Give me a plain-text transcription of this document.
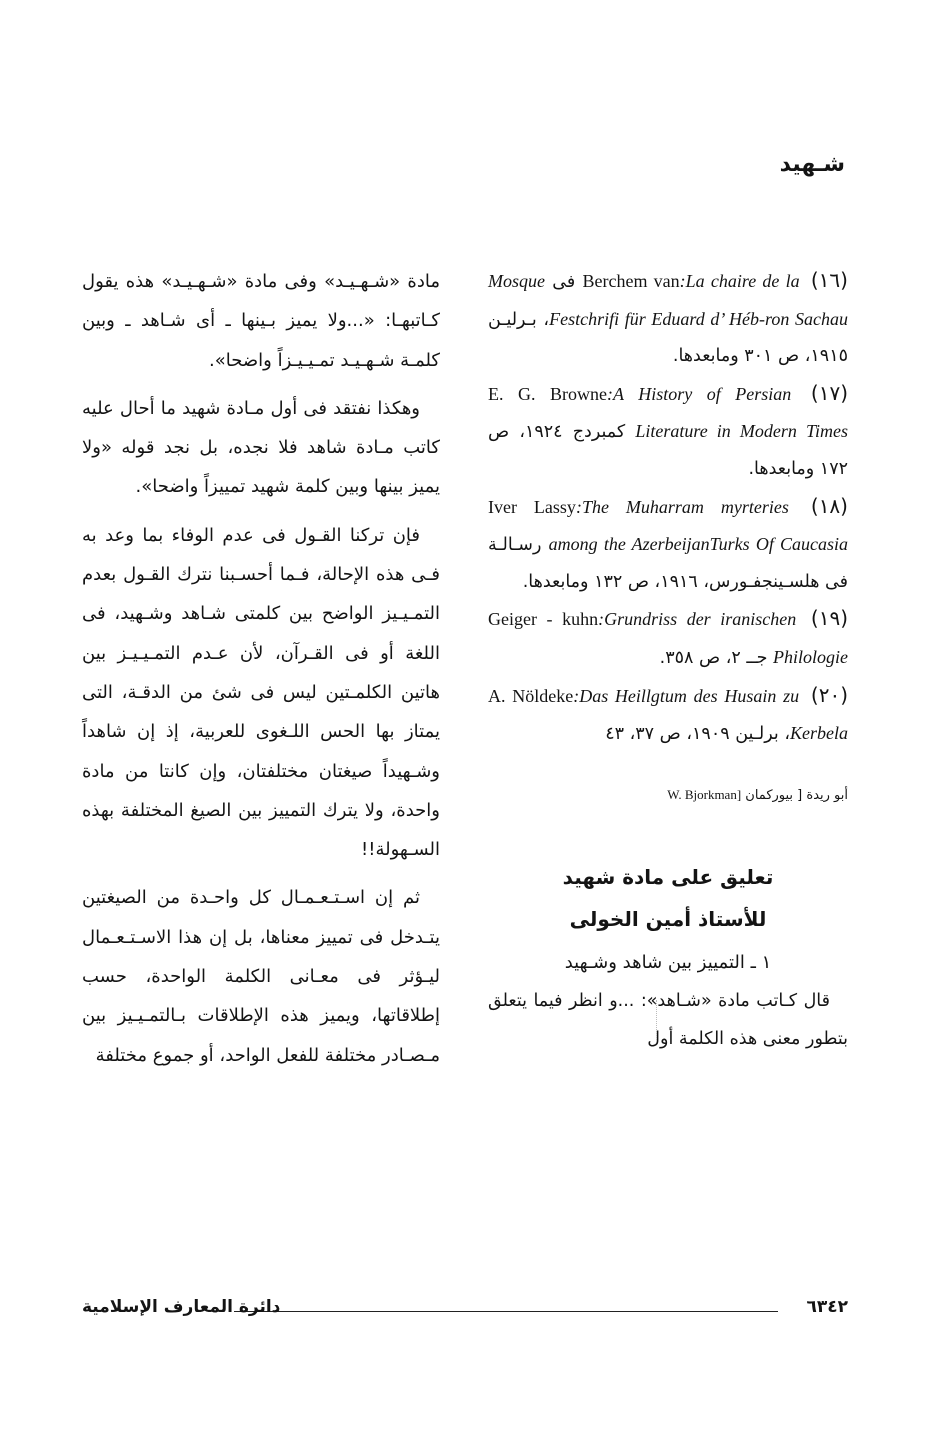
شـهيد

(١٦) Berchem van:La chaire de la فى Mosque Festchrifi für Eduard d’ Héb-ron Sachau، بـرليـن ١٩١٥، ص ٣٠١ ومابعدها.

(١٧) E. G. Browne:A History of Persian Literature in Modern Times كمبردج ١٩٢٤، ص ١٧٢ ومابعدها.

(١٨) Iver Lassy:The Muharram myrteries among the AzerbeijanTurks Of Caucasia رسـالـة فى هلسـينجفـورس، ١٩١٦، ص ١٣٢ ومابعدها.

(١٩) Geiger - kuhn:Grundriss der iranischen Philologie جــ ٢، ص ٣٥٨.

(٢٠) A. Nöldeke:Das Heillgtum des Husain zu Kerbela، برلـين ١٩٠٩، ص ٣٧، ٤٣

أبو ريدة [ بيوركمان W. Bjorkman]

تعليق على مادة شهيد

للأستاذ أمين الخولى

١ ـ التمييز بين شاهد وشـهيد

قال كـاتب مادة «شـاهد»: ...و انظر فيما يتعلق بتطور معنى هذه الكلمة أول

مادة «شـهـيـد» وفى مادة «شـهـيـد» هذه يقول كـاتبهـا: «...ولا يميز بـينها ـ أى شـاهد ـ وبين كلمـة شـهـيـد تمـيـيـزاً واضحا».

وهكذا نفتقد فى أول مـادة شهيد ما أحال عليه كاتب مـادة شاهد فلا نجده، بل نجد قوله «ولا يميز بينها وبين كلمة شهيد تمييزاً واضحا».

فإن تركنا القـول فى عدم الوفاء بما وعد به فـى هذه الإحالة، فـما أحسـبنا نترك القـول بعدم التمـيـيز الواضح بين كلمتى شـاهد وشـهيد، فى اللغة أو فى القـرآن، لأن عـدم التمـيـيـز بين هاتين الكلمـتين ليس فى شئ من الدقـة، التى يمتاز بها الحس اللـغوى للعربية، إذ إن شاهداً وشـهيداً صيغتان مختلفتان، وإن كانتا من مادة واحدة، ولا يترك التمييز بين الصيغ المختلفة بهذه السـهولة!!

ثم إن اسـتـعـمـال كل واحـدة من الصيغتين يتـدخل فى تمييز معناها، بل إن هذا الاسـتـعـمال ليـؤثر فى معـانى الكلمة الواحدة، حسب إطلاقاتها، ويميز هذه الإطلاقات بـالتمـيـيز بين مـصـادر مختلفة للفعل الواحد، أو جموع مختلفة

٦٣٤٢
دائرة المعارف الإسلامية
